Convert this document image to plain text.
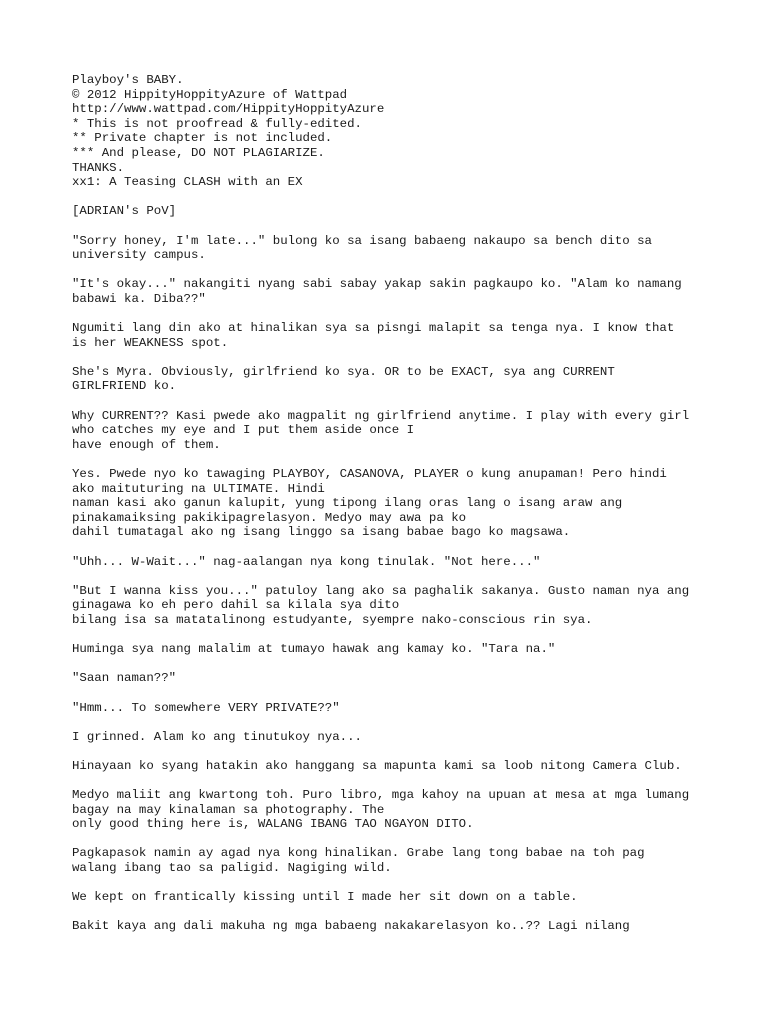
Playboy's BABY.
© 2012 HippityHoppityAzure of Wattpad
http://www.wattpad.com/HippityHoppityAzure
* This is not proofread & fully-edited.
** Private chapter is not included.
*** And please, DO NOT PLAGIARIZE.
THANKS.
xx1: A Teasing CLASH with an EX
[ADRIAN's PoV]
"Sorry honey, I'm late..." bulong ko sa isang babaeng nakaupo sa bench dito sa
university campus.
"It's okay..." nakangiti nyang sabi sabay yakap sakin pagkaupo ko. "Alam ko namang
babawi ka. Diba??"
Ngumiti lang din ako at hinalikan sya sa pisngi malapit sa tenga nya. I know that
is her WEAKNESS spot.
She's Myra. Obviously, girlfriend ko sya. OR to be EXACT, sya ang CURRENT
GIRLFRIEND ko.
Why CURRENT?? Kasi pwede ako magpalit ng girlfriend anytime. I play with every girl
who catches my eye and I put them aside once I
have enough of them.
Yes. Pwede nyo ko tawaging PLAYBOY, CASANOVA, PLAYER o kung anupaman! Pero hindi
ako maituturing na ULTIMATE. Hindi
naman kasi ako ganun kalupit, yung tipong ilang oras lang o isang araw ang
pinakamaiksing pakikipagrelasyon. Medyo may awa pa ko
dahil tumatagal ako ng isang linggo sa isang babae bago ko magsawa.
"Uhh... W-Wait..." nag-aalangan nya kong tinulak. "Not here..."
"But I wanna kiss you..." patuloy lang ako sa paghalik sakanya. Gusto naman nya ang
ginagawa ko eh pero dahil sa kilala sya dito
bilang isa sa matatalinong estudyante, syempre nako-conscious rin sya.
Huminga sya nang malalim at tumayo hawak ang kamay ko. "Tara na."
"Saan naman??"
"Hmm... To somewhere VERY PRIVATE??"
I grinned. Alam ko ang tinutukoy nya...
Hinayaan ko syang hatakin ako hanggang sa mapunta kami sa loob nitong Camera Club.
Medyo maliit ang kwartong toh. Puro libro, mga kahoy na upuan at mesa at mga lumang
bagay na may kinalaman sa photography. The
only good thing here is, WALANG IBANG TAO NGAYON DITO.
Pagkapasok namin ay agad nya kong hinalikan. Grabe lang tong babae na toh pag
walang ibang tao sa paligid. Nagiging wild.
We kept on frantically kissing until I made her sit down on a table.
Bakit kaya ang dali makuha ng mga babaeng nakakarelasyon ko..?? Lagi nilang
